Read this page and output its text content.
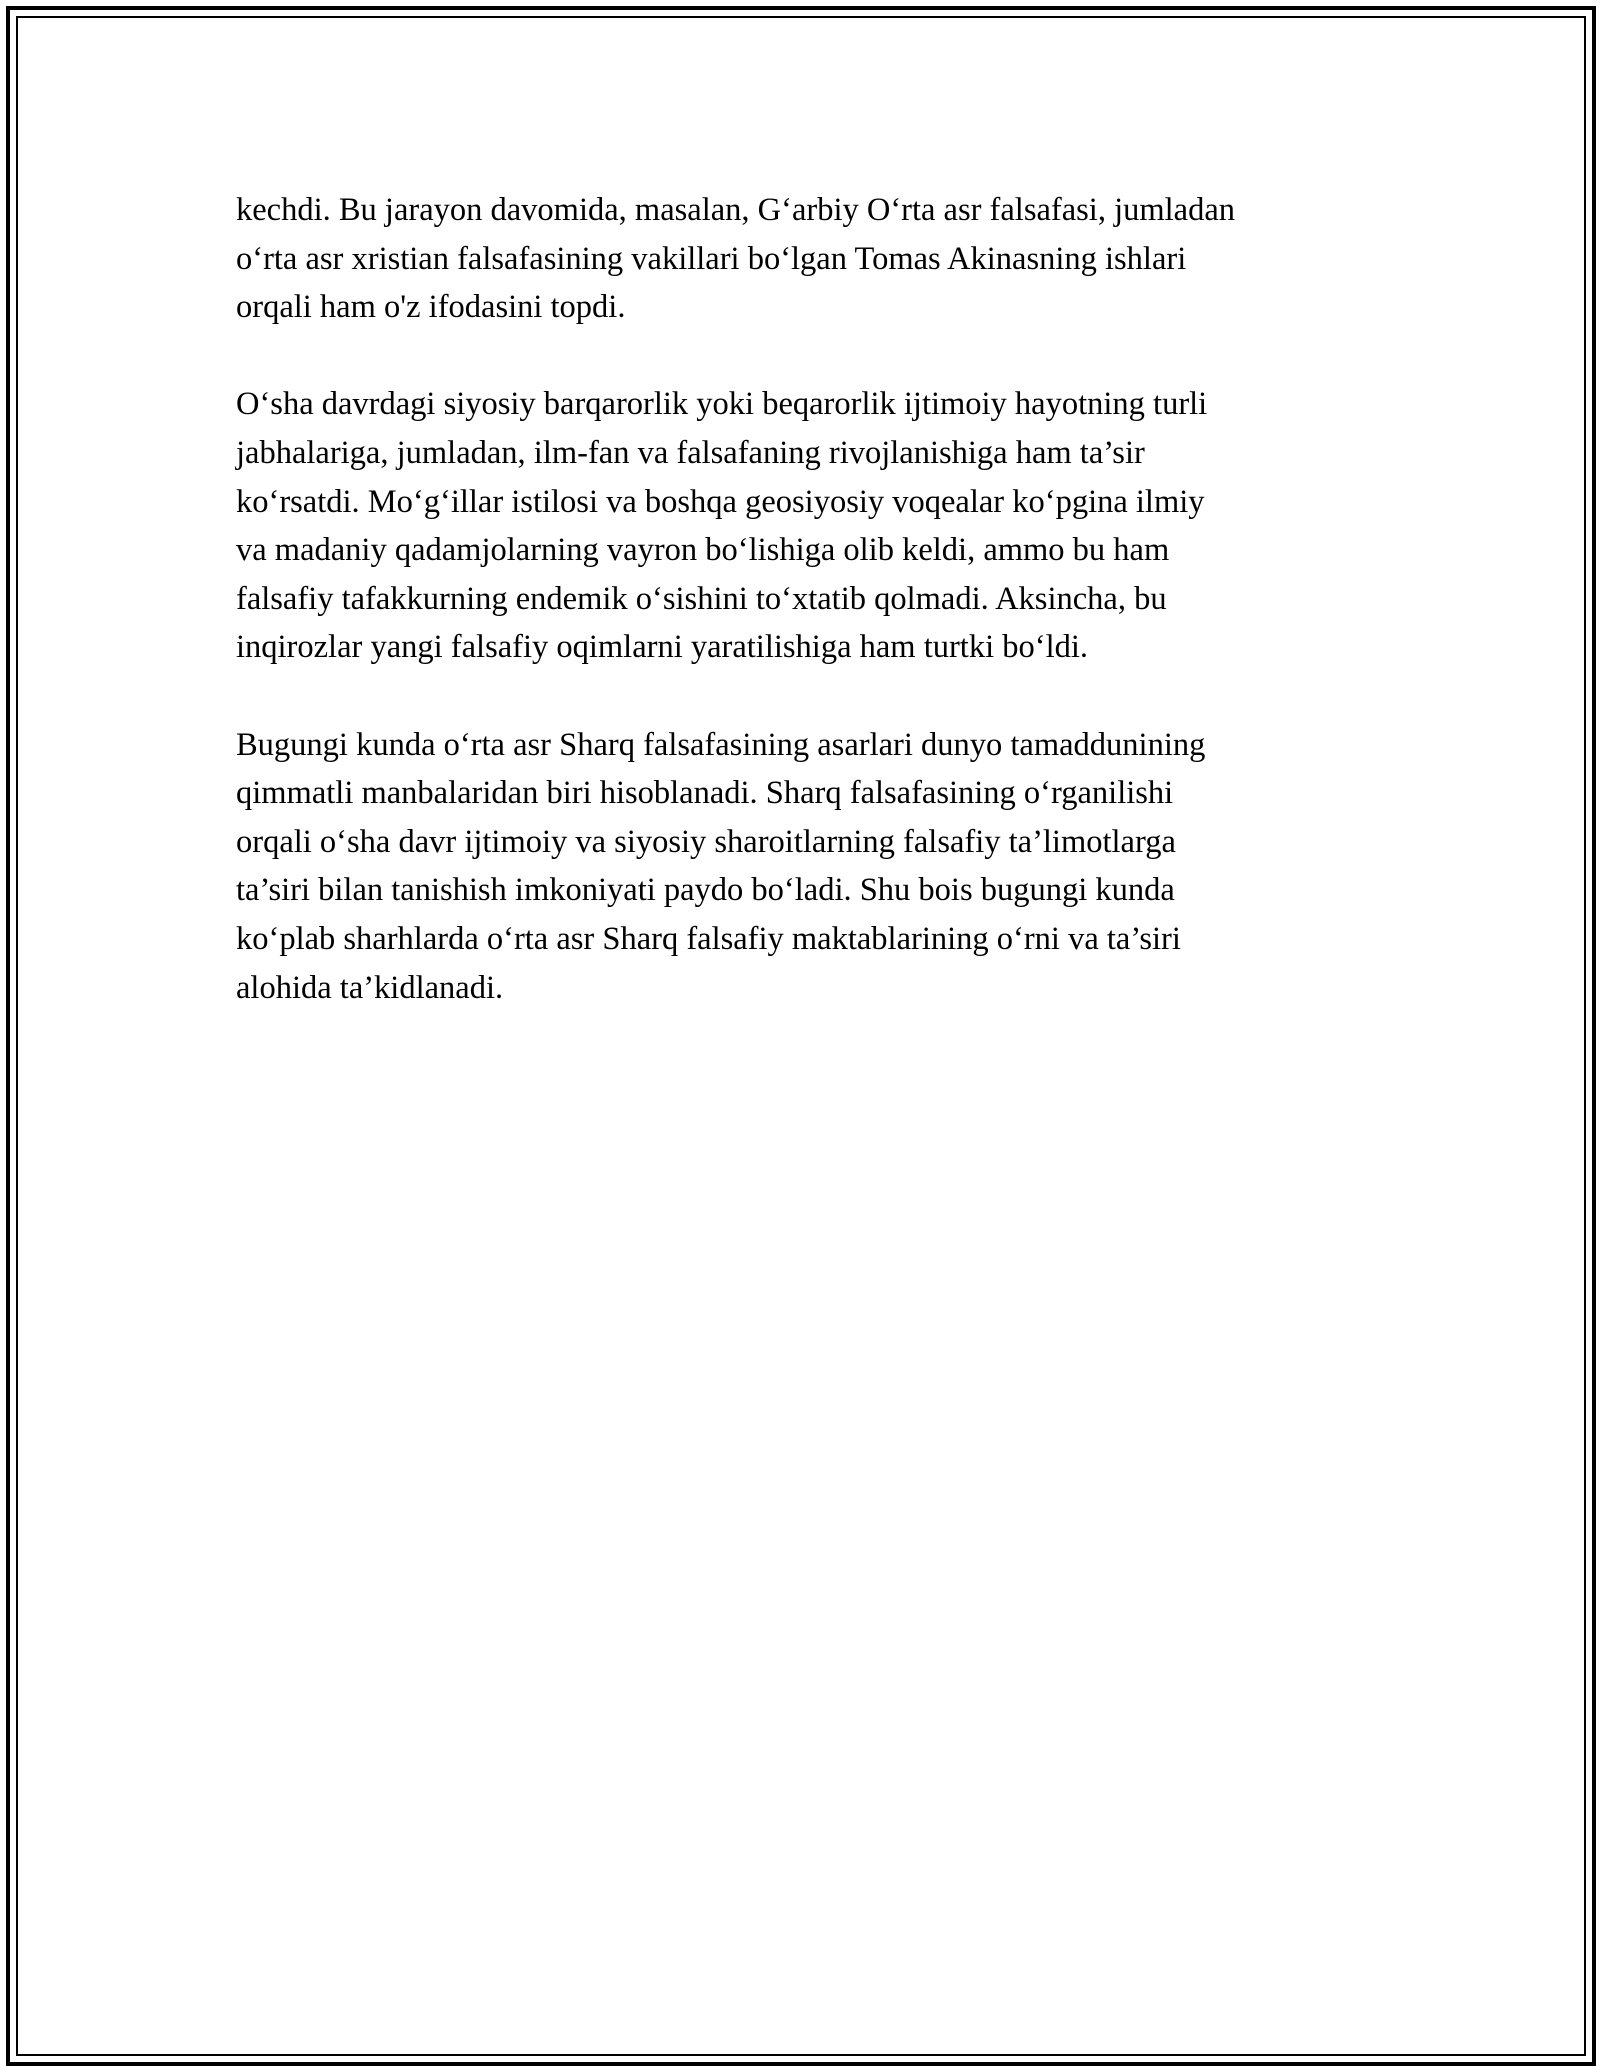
kechdi. Bu jarayon davomida, masalan, G‘arbiy O‘rta asr falsafasi, jumladan
o‘rta asr xristian falsafasining vakillari bo‘lgan Tomas Akinasning ishlari
orqali ham o'z ifodasini topdi.

O‘sha davrdagi siyosiy barqarorlik yoki beqarorlik ijtimoiy hayotning turli
jabhalariga, jumladan, ilm-fan va falsafaning rivojlanishiga ham ta’sir
ko‘rsatdi. Mo‘g‘illar istilosi va boshqa geosiyosiy voqealar ko‘pgina ilmiy
va madaniy qadamjolarning vayron bo‘lishiga olib keldi, ammo bu ham
falsafiy tafakkurning endemik o‘sishini to‘xtatib qolmadi. Aksincha, bu
inqirozlar yangi falsafiy oqimlarni yaratilishiga ham turtki bo‘ldi.

Bugungi kunda o‘rta asr Sharq falsafasining asarlari dunyo tamaddunining
qimmatli manbalaridan biri hisoblanadi. Sharq falsafasining o‘rganilishi
orqali o‘sha davr ijtimoiy va siyosiy sharoitlarning falsafiy ta’limotlarga
ta’siri bilan tanishish imkoniyati paydo bo‘ladi. Shu bois bugungi kunda
ko‘plab sharhlarda o‘rta asr Sharq falsafiy maktablarining o‘rni va ta’siri
alohida ta’kidlanadi.
